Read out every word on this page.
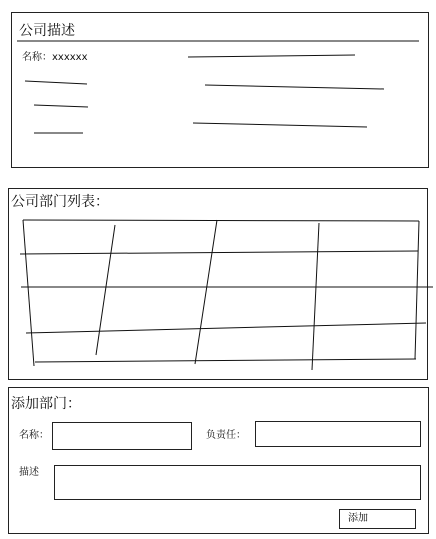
公司描述
名称：xxxxxx
公司部门列表：
添加部门：
名称：	负责任：
描述
添加
